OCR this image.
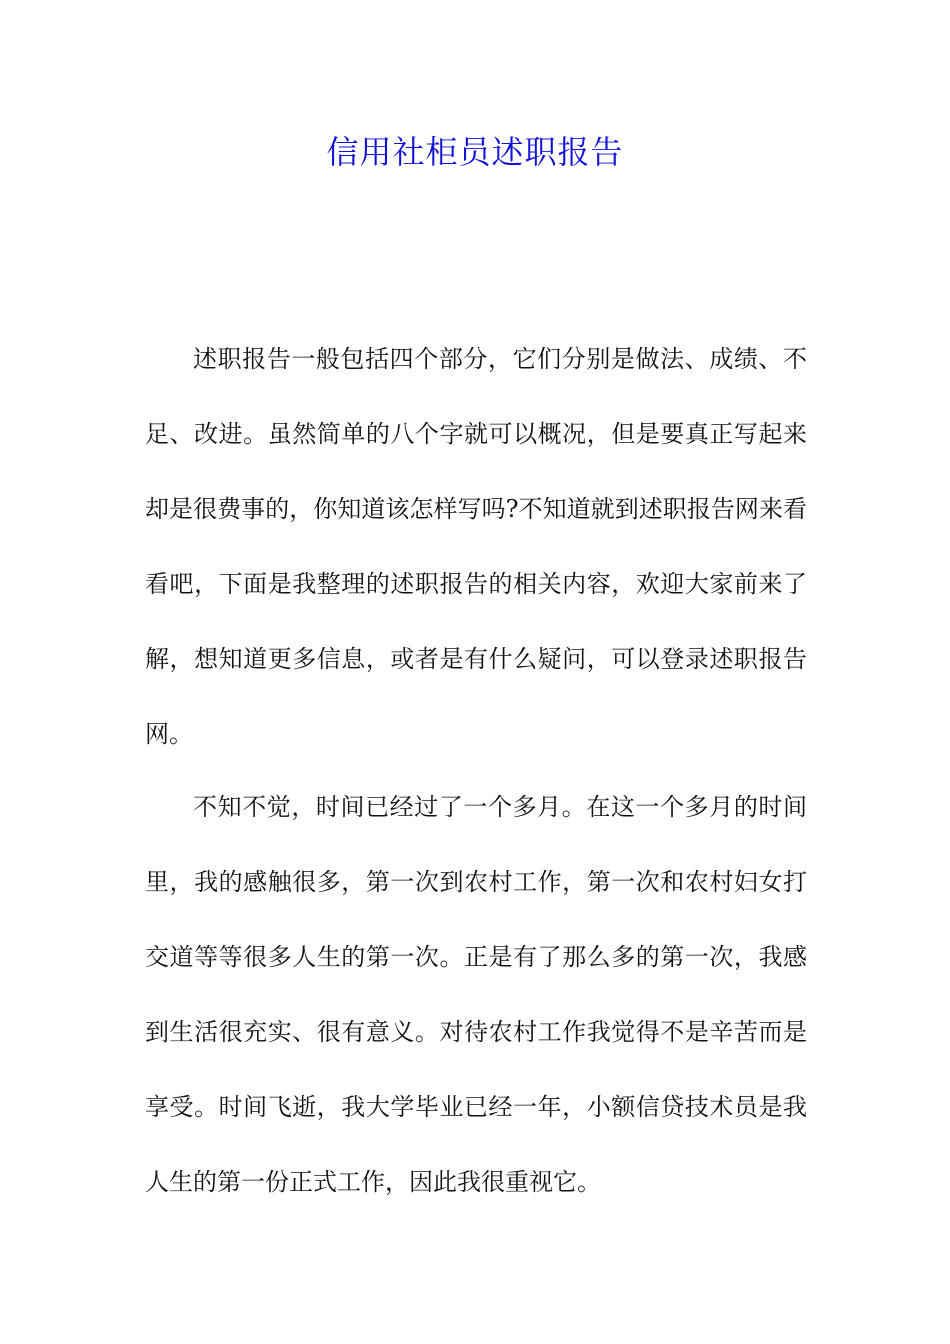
信用社柜员述职报告
述职报告一般包括四个部分，它们分别是做法、成绩、不
足、改进。虽然简单的八个字就可以概况，但是要真正写起来
却是很费事的，你知道该怎样写吗?不知道就到述职报告网来看
看吧，下面是我整理的述职报告的相关内容，欢迎大家前来了
解，想知道更多信息，或者是有什么疑问，可以登录述职报告
网。
不知不觉，时间已经过了一个多月。在这一个多月的时间
里，我的感触很多，第一次到农村工作，第一次和农村妇女打
交道等等很多人生的第一次。正是有了那么多的第一次，我感
到生活很充实、很有意义。对待农村工作我觉得不是辛苦而是
享受。时间飞逝，我大学毕业已经一年，小额信贷技术员是我
人生的第一份正式工作，因此我很重视它。
